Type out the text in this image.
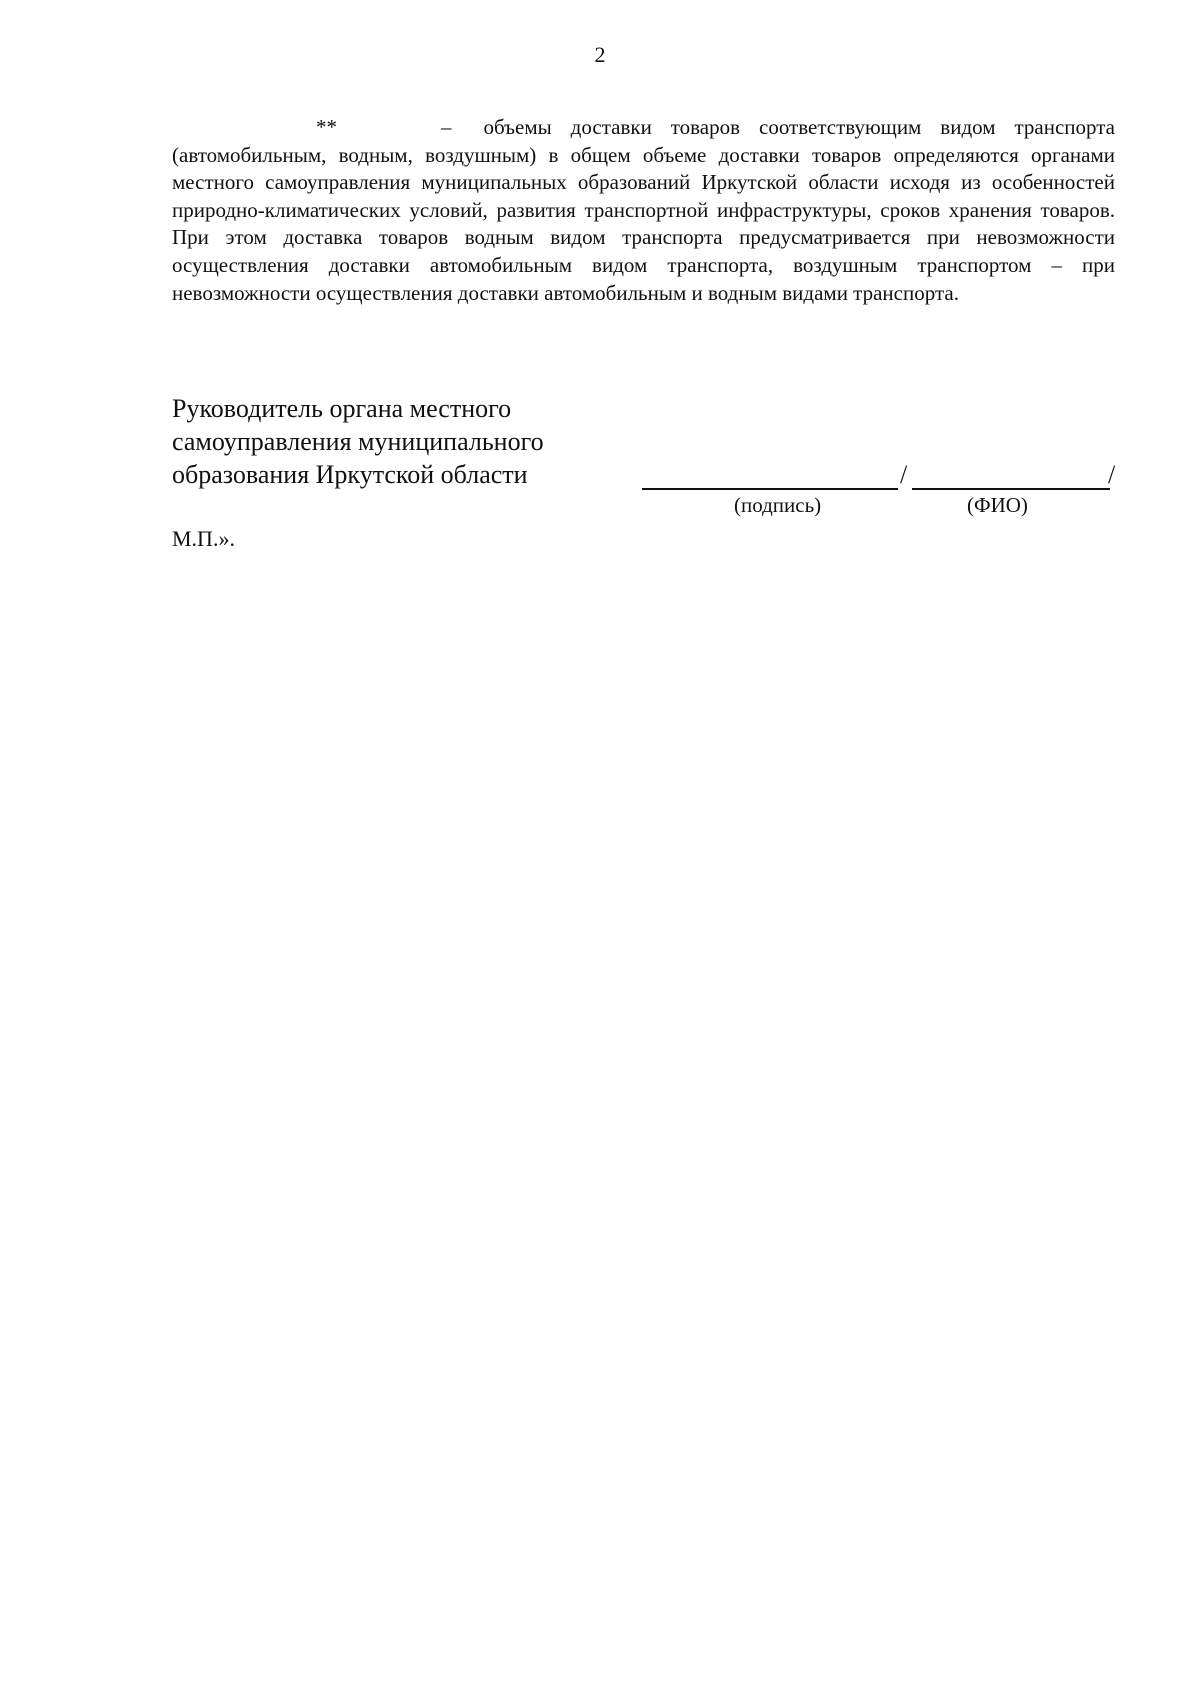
2

**	– объемы доставки товаров соответствующим видом транспорта (автомобильным, водным, воздушным) в общем объеме доставки товаров определяются органами местного самоуправления муниципальных образований Иркутской области исходя из особенностей природно-климатических условий, развития транспортной инфраструктуры, сроков хранения товаров. При этом доставка товаров водным видом транспорта предусматривается при невозможности осуществления доставки автомобильным видом транспорта, воздушным транспортом – при невозможности осуществления доставки автомобильным и водным видами транспорта.

Руководитель органа местного
самоуправления муниципального
образования Иркутской области	/	/
(подпись)	(ФИО)
М.П.».
